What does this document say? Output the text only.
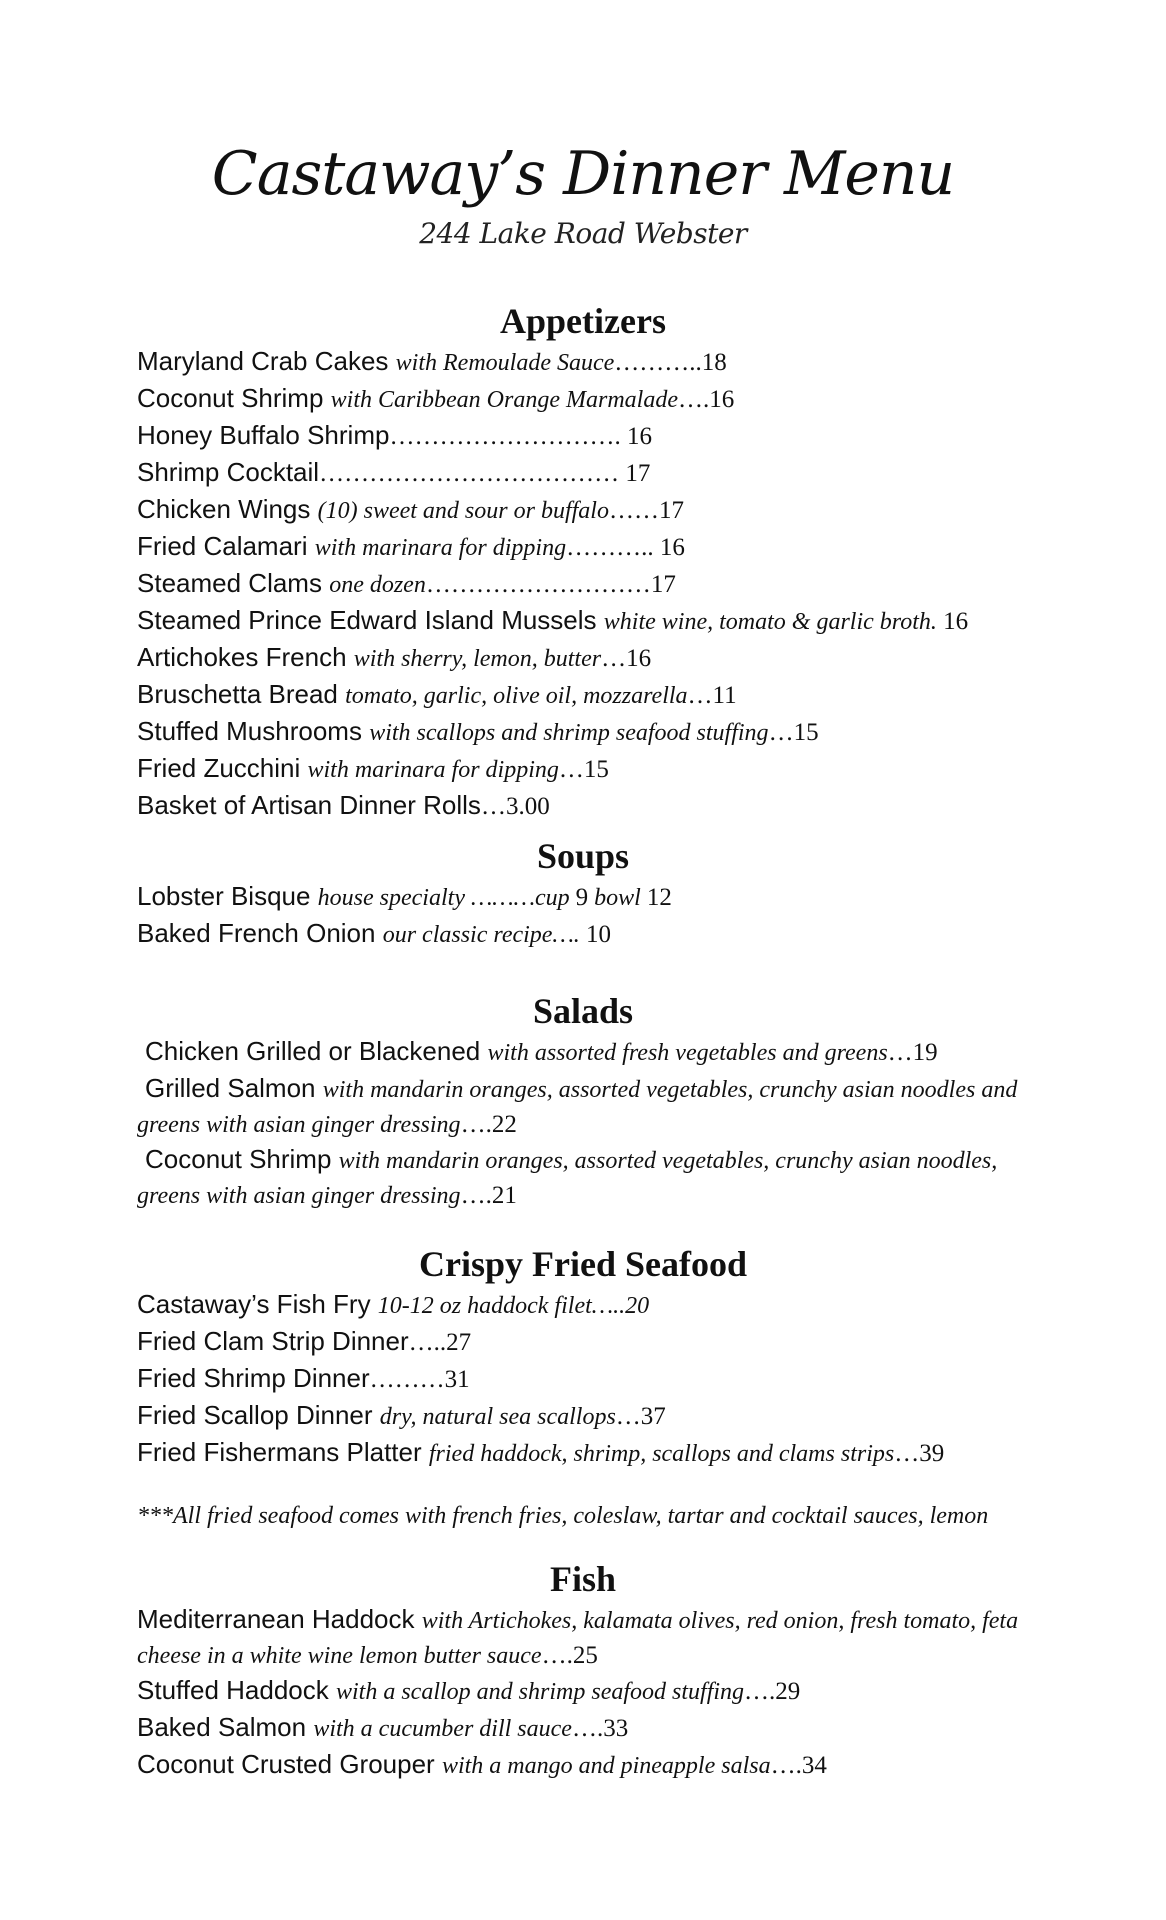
Castaway’s Dinner Menu
244 Lake Road Webster
Appetizers
Maryland Crab Cakes with Remoulade Sauce………..18
Coconut Shrimp with Caribbean Orange Marmalade….16
Honey Buffalo Shrimp………………………. 16
Shrimp Cocktail……………………………… 17
Chicken Wings (10) sweet and sour or buffalo……17
Fried Calamari with marinara for dipping……….. 16
Steamed Clams one dozen………………………17
Steamed Prince Edward Island Mussels white wine, tomato & garlic broth. 16
Artichokes French with sherry, lemon, butter…16
Bruschetta Bread tomato, garlic, olive oil, mozzarella…11
Stuffed Mushrooms with scallops and shrimp seafood stuffing…15
Fried Zucchini with marinara for dipping…15
Basket of Artisan Dinner Rolls…3.00
Soups
Lobster Bisque house specialty ………cup 9 bowl 12
Baked French Onion our classic recipe…. 10
Salads
Chicken Grilled or Blackened with assorted fresh vegetables and greens…19
Grilled Salmon with mandarin oranges, assorted vegetables, crunchy asian noodles and greens with asian ginger dressing….22
Coconut Shrimp with mandarin oranges, assorted vegetables, crunchy asian noodles, greens with asian ginger dressing….21
Crispy Fried Seafood
Castaway’s Fish Fry 10-12 oz haddock filet…..20
Fried Clam Strip Dinner…..27
Fried Shrimp Dinner………31
Fried Scallop Dinner dry, natural sea scallops…37
Fried Fishermans Platter fried haddock, shrimp, scallops and clams strips…39
***All fried seafood comes with french fries, coleslaw, tartar and cocktail sauces, lemon
Fish
Mediterranean Haddock with Artichokes, kalamata olives, red onion, fresh tomato, feta cheese in a white wine lemon butter sauce….25
Stuffed Haddock with a scallop and shrimp seafood stuffing….29
Baked Salmon with a cucumber dill sauce….33
Coconut Crusted Grouper with a mango and pineapple salsa….34
